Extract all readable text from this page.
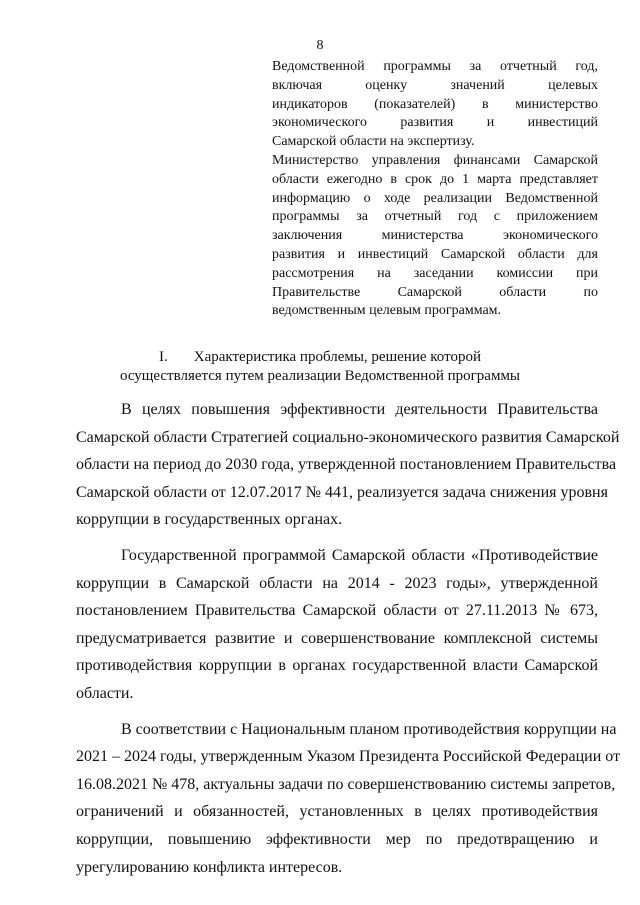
8
Ведомственной программы за отчетный год,
включая оценку значений целевых
индикаторов (показателей) в министерство
экономического развития и инвестиций
Самарской области на экспертизу.
Министерство управления финансами Самарской
области ежегодно в срок до 1 марта представляет
информацию о ходе реализации Ведомственной
программы за отчетный год с приложением
заключения министерства экономического
развития и инвестиций Самарской области для
рассмотрения на заседании комиссии при
Правительстве Самарской области по
ведомственным целевым программам.
I. Характеристика проблемы, решение которой
осуществляется путем реализации Ведомственной программы
В целях повышения эффективности деятельности Правительства
Самарской области Стратегией социально-экономического развития Самарской
области на период до 2030 года, утвержденной постановлением Правительства
Самарской области от 12.07.2017 № 441, реализуется задача снижения уровня
коррупции в государственных органах.
Государственной программой Самарской области «Противодействие
коррупции в Самарской области на 2014 - 2023 годы», утвержденной
постановлением Правительства Самарской области от 27.11.2013 № 673,
предусматривается развитие и совершенствование комплексной системы
противодействия коррупции в органах государственной власти Самарской
области.
В соответствии с Национальным планом противодействия коррупции на
2021 – 2024 годы, утвержденным Указом Президента Российской Федерации от
16.08.2021 № 478, актуальны задачи по совершенствованию системы запретов,
ограничений и обязанностей, установленных в целях противодействия
коррупции, повышению эффективности мер по предотвращению и
урегулированию конфликта интересов.
